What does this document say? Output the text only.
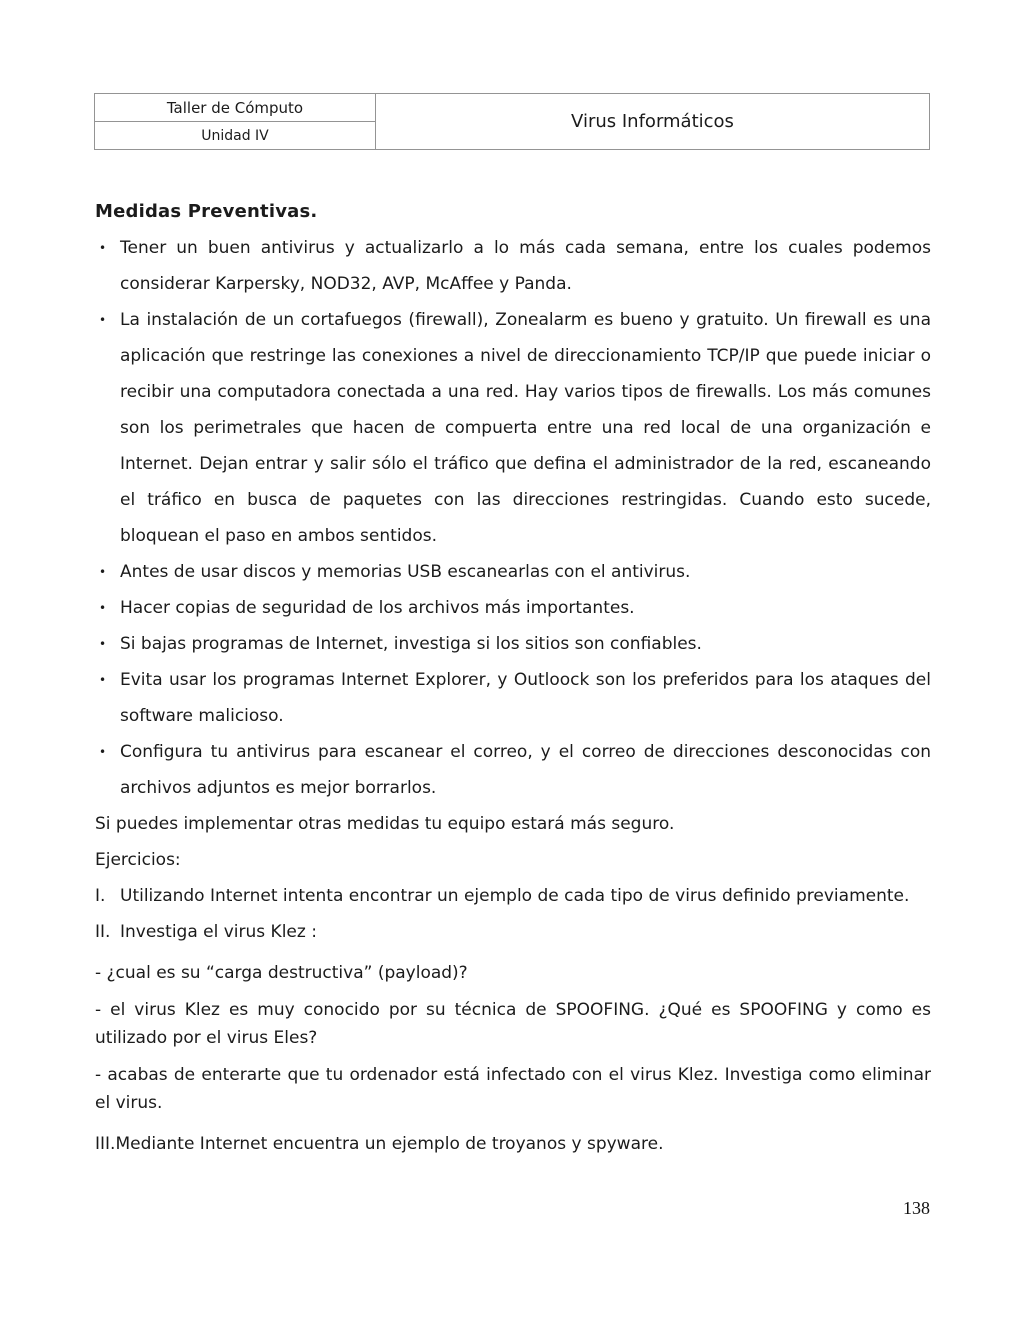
Taller de Cómputo
Unidad IV
Virus Informáticos
Medidas Preventivas.
• Tener un buen antivirus y actualizarlo a lo más cada semana, entre los cuales podemos considerar Karpersky, NOD32, AVP, McAffee y Panda.

• La instalación de un cortafuegos (firewall), Zonealarm es bueno y gratuito. Un firewall es una aplicación que restringe las conexiones a nivel de direccionamiento TCP/IP que puede iniciar o recibir una computadora conectada a una red. Hay varios tipos de firewalls. Los más comunes son los perimetrales que hacen de compuerta entre una red local de una organización e Internet. Dejan entrar y salir sólo el tráfico que defina el administrador de la red, escaneando el tráfico en busca de paquetes con las direcciones restringidas. Cuando esto sucede, bloquean el paso en ambos sentidos.

• Antes de usar discos y memorias USB escanearlas con el antivirus.

• Hacer copias de seguridad de los archivos más importantes.

• Si bajas programas de Internet, investiga si los sitios son confiables.

• Evita usar los programas Internet Explorer, y Outloock son los preferidos para los ataques del software malicioso.

• Configura tu antivirus para escanear el correo, y el correo de direcciones desconocidas con archivos adjuntos es mejor borrarlos.

Si puedes implementar otras medidas tu equipo estará más seguro.

Ejercicios:

I. Utilizando Internet intenta encontrar un ejemplo de cada tipo de virus definido previamente.

II. Investiga el virus Klez :

- ¿cual es su “carga destructiva” (payload)?

- el virus Klez es muy conocido por su técnica de SPOOFING. ¿Qué es SPOOFING y como es utilizado por el virus Eles?

- acabas de enterarte que tu ordenador está infectado con el virus Klez. Investiga como eliminar el virus.

III.Mediante Internet encuentra un ejemplo de troyanos y spyware.

138
